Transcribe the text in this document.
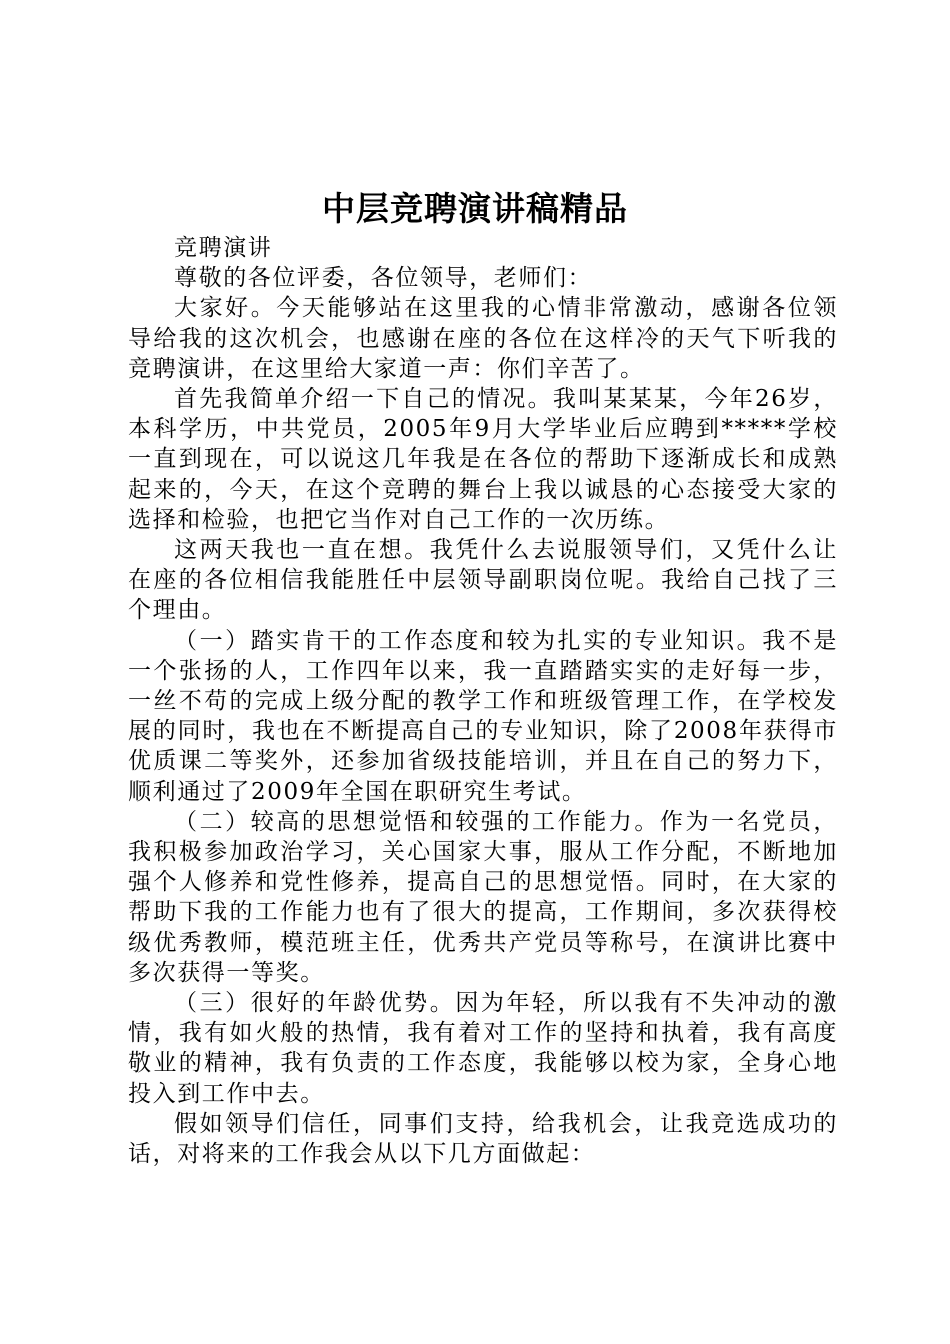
中层竞聘演讲稿精品

竞聘演讲

尊敬的各位评委，各位领导，老师们：

大家好。今天能够站在这里我的心情非常激动，感谢各位领导给我的这次机会，也感谢在座的各位在这样冷的天气下听我的竞聘演讲，在这里给大家道一声：你们辛苦了。

首先我简单介绍一下自己的情况。我叫某某某，今年26岁，本科学历，中共党员，2005年9月大学毕业后应聘到*****学校一直到现在，可以说这几年我是在各位的帮助下逐渐成长和成熟起来的，今天，在这个竞聘的舞台上我以诚恳的心态接受大家的选择和检验，也把它当作对自己工作的一次历练。

这两天我也一直在想。我凭什么去说服领导们，又凭什么让在座的各位相信我能胜任中层领导副职岗位呢。我给自己找了三个理由。

（一）踏实肯干的工作态度和较为扎实的专业知识。我不是一个张扬的人，工作四年以来，我一直踏踏实实的走好每一步，一丝不苟的完成上级分配的教学工作和班级管理工作，在学校发展的同时，我也在不断提高自己的专业知识，除了2008年获得市优质课二等奖外，还参加省级技能培训，并且在自己的努力下，顺利通过了2009年全国在职研究生考试。

（二）较高的思想觉悟和较强的工作能力。作为一名党员，我积极参加政治学习，关心国家大事，服从工作分配，不断地加强个人修养和党性修养，提高自己的思想觉悟。同时，在大家的帮助下我的工作能力也有了很大的提高，工作期间，多次获得校级优秀教师，模范班主任，优秀共产党员等称号，在演讲比赛中多次获得一等奖。

（三）很好的年龄优势。因为年轻，所以我有不失冲动的激情，我有如火般的热情，我有着对工作的坚持和执着，我有高度敬业的精神，我有负责的工作态度，我能够以校为家，全身心地投入到工作中去。

假如领导们信任，同事们支持，给我机会，让我竞选成功的话，对将来的工作我会从以下几方面做起：
